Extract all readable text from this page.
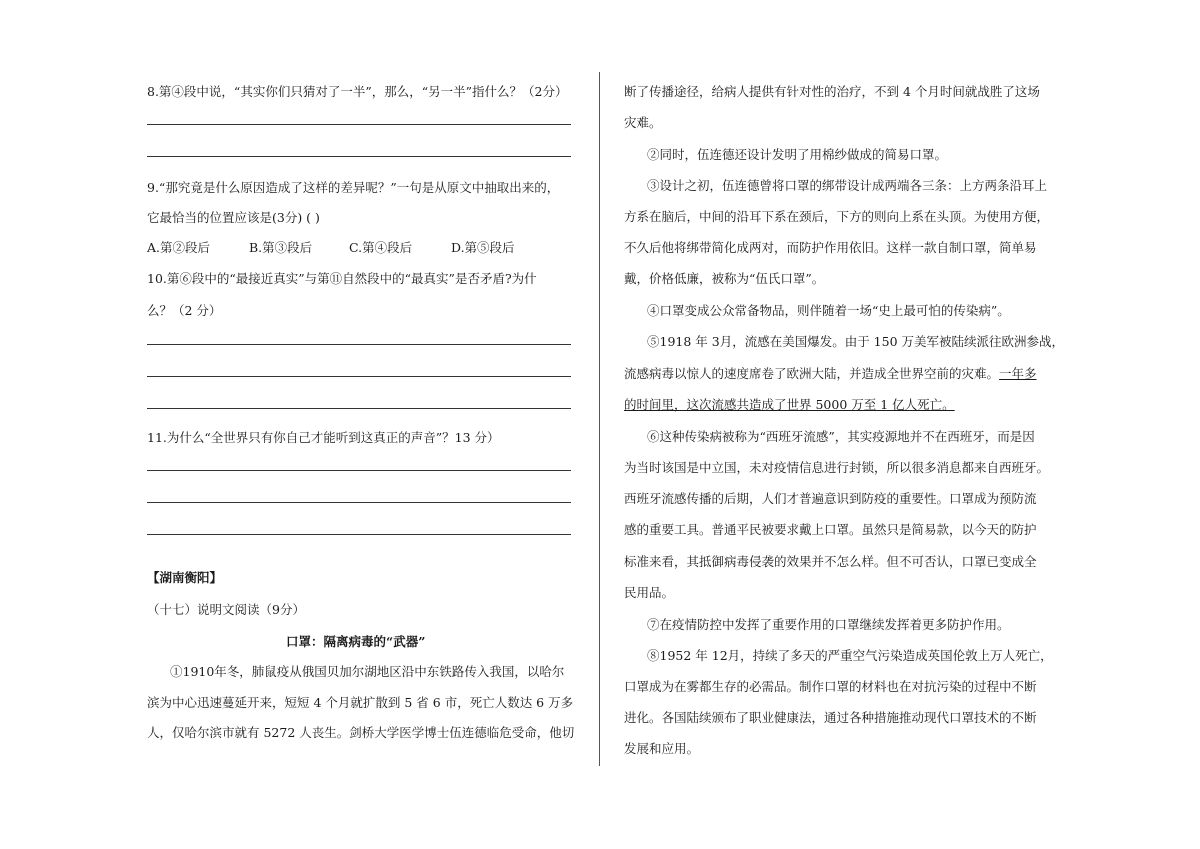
8.第④段中说，“其实你们只猜对了一半”，那么，“另一半”指什么？（2分）
9.“那究竟是什么原因造成了这样的差异呢？”一句是从原文中抽取出来的，
它最恰当的位置应该是(3分) ( )
A.第②段后	B.第③段后	C.第④段后	D.第⑤段后
10.第⑥段中的“最接近真实”与第⑪自然段中的“最真实”是否矛盾?为什
么？（2 分）
11.为什么“全世界只有你自己才能听到这真正的声音”？13 分）
【湖南衡阳】
（十七）说明文阅读（9分）
口罩：隔离病毒的“武器”
①1910年冬，肺鼠疫从俄国贝加尔湖地区沿中东铁路传入我国，以哈尔
滨为中心迅速蔓延开来，短短 4 个月就扩散到 5 省 6 市，死亡人数达 6 万多
人，仅哈尔滨市就有 5272 人丧生。剑桥大学医学博士伍连德临危受命，他切
断了传播途径，给病人提供有针对性的治疗，不到 4 个月时间就战胜了这场
灾难。
②同时，伍连德还设计发明了用棉纱做成的简易口罩。
③设计之初，伍连德曾将口罩的绑带设计成两端各三条：上方两条沿耳上
方系在脑后，中间的沿耳下系在颈后，下方的则向上系在头顶。为使用方便，
不久后他将绑带简化成两对，而防护作用依旧。这样一款自制口罩，简单易
戴，价格低廉，被称为“伍氏口罩”。
④口罩变成公众常备物品，则伴随着一场“史上最可怕的传染病”。
⑤1918 年 3月，流感在美国爆发。由于 150 万美军被陆续派往欧洲参战，
流感病毒以惊人的速度席卷了欧洲大陆，并造成全世界空前的灾难。一年多
的时间里，这次流感共造成了世界 5000 万至 1 亿人死亡。
⑥这种传染病被称为“西班牙流感”，其实疫源地并不在西班牙，而是因
为当时该国是中立国，未对疫情信息进行封锁，所以很多消息都来自西班牙。
西班牙流感传播的后期，人们才普遍意识到防疫的重要性。口罩成为预防流
感的重要工具。普通平民被要求戴上口罩。虽然只是简易款，以今天的防护
标准来看，其抵御病毒侵袭的效果并不怎么样。但不可否认，口罩已变成全
民用品。
⑦在疫情防控中发挥了重要作用的口罩继续发挥着更多防护作用。
⑧1952 年 12月，持续了多天的严重空气污染造成英国伦敦上万人死亡，
口罩成为在雾都生存的必需品。制作口罩的材料也在对抗污染的过程中不断
进化。各国陆续颁布了职业健康法，通过各种措施推动现代口罩技术的不断
发展和应用。
